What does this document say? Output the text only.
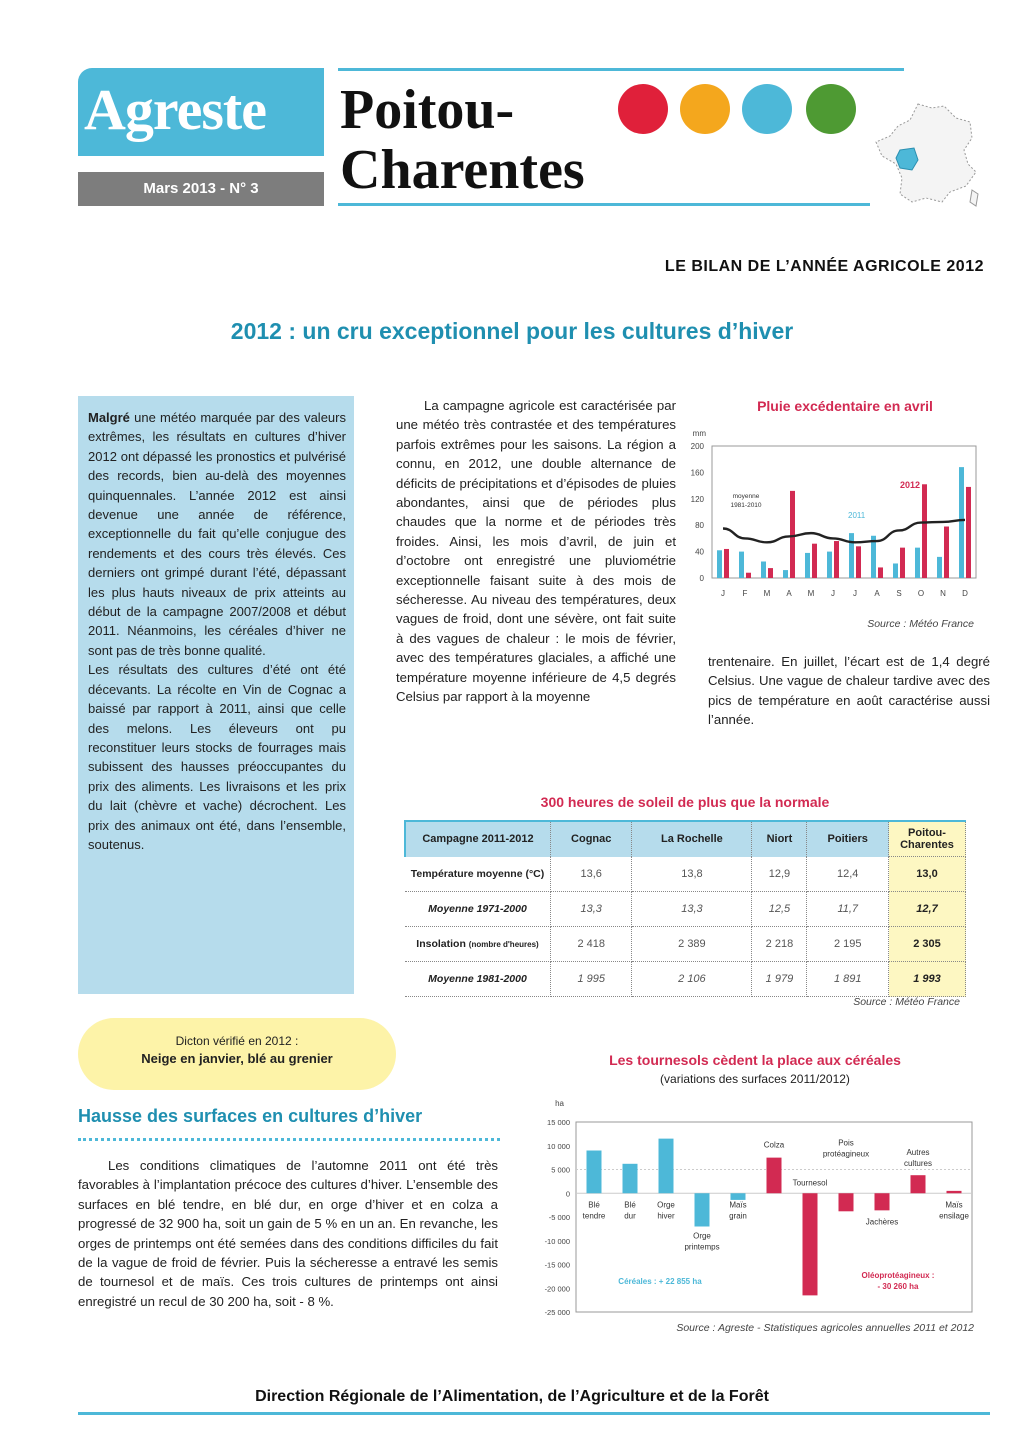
Agreste
Mars 2013 - N° 3
Poitou-
Charentes
LE BILAN DE L’ANNÉE AGRICOLE 2012
2012 : un cru exceptionnel pour les cultures d’hiver

Malgré une météo marquée par des valeurs extrêmes, les résultats en cultures d’hiver 2012 ont dépassé les pronostics et pulvérisé des records, bien au-delà des moyennes quinquennales. L’année 2012 est ainsi devenue une année de référence, exceptionnelle du fait qu’elle conjugue des rendements et des cours très élevés. Ces derniers ont grimpé durant l’été, dépassant les plus hauts niveaux de prix atteints au début de la campagne 2007/2008 et début 2011. Néanmoins, les céréales d’hiver ne sont pas de très bonne qualité.

Les résultats des cultures d’été ont été décevants. La récolte en Vin de Cognac a baissé par rapport à 2011, ainsi que celle des melons. Les éleveurs ont pu reconstituer leurs stocks de fourrages mais subissent des hausses préoccupantes du prix des aliments. Les livraisons et les prix du lait (chèvre et vache) décrochent. Les prix des animaux ont été, dans l’ensemble, soutenus.

La campagne agricole est caractérisée par une météo très contrastée et des températures parfois extrêmes pour les saisons. La région a connu, en 2012, une double alternance de déficits de précipitations et d’épisodes de pluies abondantes, ainsi que de périodes plus chaudes que la norme et de périodes très froides. Ainsi, les mois d’avril, de juin et d’octobre ont enregistré une pluviométrie exceptionnelle faisant suite à des mois de sécheresse. Au niveau des températures, deux vagues de froid, dont une sévère, ont fait suite à des vagues de chaleur : le mois de février, avec des températures glaciales, a affiché une température moyenne inférieure de 4,5 degrés Celsius par rapport à la moyenne

trentenaire. En juillet, l’écart est de 1,4 degré Celsius. Une vague de chaleur tardive avec des pics de température en août caractérise aussi l’année.

Pluie excédentaire en avril
mm
0
40
80
120
160
200
J F M A M J J A S O N D
2012
2011
moyenne
1981-2010
Source : Météo France
300 heures de soleil de plus que la normale
Campagne 2011-2012	Cognac	La Rochelle	Niort	Poitiers	Poitou-Charentes
Température moyenne (°C)	13,6	13,8	12,9	12,4	13,0
Moyenne 1971-2000	13,3	13,3	12,5	11,7	12,7
Insolation (nombre d'heures)	2 418	2 389	2 218	2 195	2 305
Moyenne 1981-2000	1 995	2 106	1 979	1 891	1 993
Source : Météo France
Dicton vérifié en 2012 :
Neige en janvier, blé au grenier
Hausse des surfaces en cultures d’hiver

Les conditions climatiques de l’automne 2011 ont été très favorables à l’implantation précoce des cultures d’hiver. L’ensemble des surfaces en blé tendre, en blé dur, en orge d’hiver et en colza a progressé de 32 900 ha, soit un gain de 5 % en un an. En revanche, les orges de printemps ont été semées dans des conditions difficiles du fait de la vague de froid de février. Puis la sécheresse a entravé les semis de tournesol et de maïs. Ces trois cultures de printemps ont ainsi enregistré un recul de 30 200 ha, soit - 8 %.

Les tournesols cèdent la place aux céréales
(variations des surfaces 2011/2012)
ha
15 000
10 000
5 000
0
-5 000
-10 000
-15 000
-20 000
-25 000
Blé
tendre
Blé
dur
Orge
hiver
Orge
printemps
Maïs
grain
Colza
Tournesol
Pois
protéagineux
Jachères
Autres
cultures
Maïs
ensilage
Céréales : + 22 855 ha
Oléoprotéagineux :
- 30 260 ha
Source : Agreste - Statistiques agricoles annuelles 2011 et 2012
Direction Régionale de l’Alimentation, de l’Agriculture et de la Forêt
